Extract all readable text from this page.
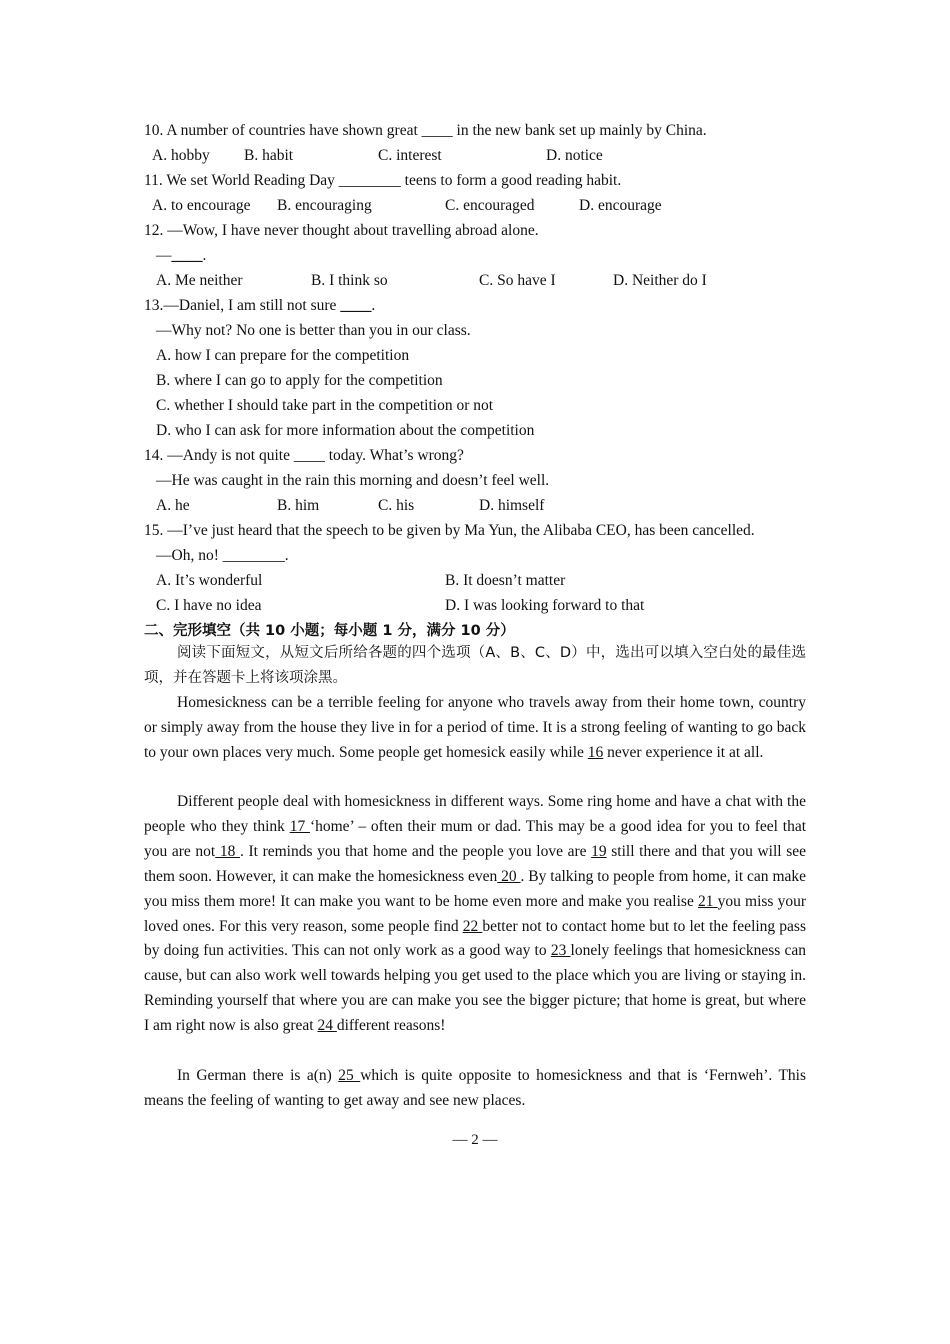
10. A number of countries have shown great ____ in the new bank set up mainly by China.
A. hobby B. habit	C. interest	D. notice
11. We set World Reading Day ________ teens to form a good reading habit.
A. to encourage B. encouraging	C. encouraged	D. encourage
12. —Wow, I have never thought about travelling abroad alone.
—____.
A. Me neither	B. I think so	C. So have I	D. Neither do I
13.—Daniel, I am still not sure ____.
—Why not? No one is better than you in our class.
A. how I can prepare for the competition
B. where I can go to apply for the competition
C. whether I should take part in the competition or not
D. who I can ask for more information about the competition
14. —Andy is not quite ____ today. What’s wrong?
—He was caught in the rain this morning and doesn’t feel well.
A. he	B. him	C. his	D. himself
15. —I’ve just heard that the speech to be given by Ma Yun, the Alibaba CEO, has been cancelled.
—Oh, no! ________.
A. It’s wonderful	B. It doesn’t matter
C. I have no idea	D. I was looking forward to that
二、完形填空（共 10 小题；每小题 1 分，满分 10 分）
阅读下面短文，从短文后所给各题的四个选项（A、B、C、D）中，选出可以填入空白处的最佳选项，并在答题卡上将该项涂黑。
Homesickness can be a terrible feeling for anyone who travels away from their home town, country or simply away from the house they live in for a period of time. It is a strong feeling of wanting to go back to your own places very much. Some people get homesick easily while 16 never experience it at all.
Different people deal with homesickness in different ways. Some ring home and have a chat with the people who they think 17 ‘home’ – often their mum or dad. This may be a good idea for you to feel that you are not 18 . It reminds you that home and the people you love are 19 still there and that you will see them soon. However, it can make the homesickness even 20 . By talking to people from home, it can make you miss them more! It can make you want to be home even more and make you realise 21 you miss your loved ones. For this very reason, some people find 22 better not to contact home but to let the feeling pass by doing fun activities. This can not only work as a good way to 23 lonely feelings that homesickness can cause, but can also work well towards helping you get used to the place which you are living or staying in. Reminding yourself that where you are can make you see the bigger picture; that home is great, but where I am right now is also great 24 different reasons!
In German there is a(n) 25 which is quite opposite to homesickness and that is ‘Fernweh’. This means the feeling of wanting to get away and see new places.
— 2 —
